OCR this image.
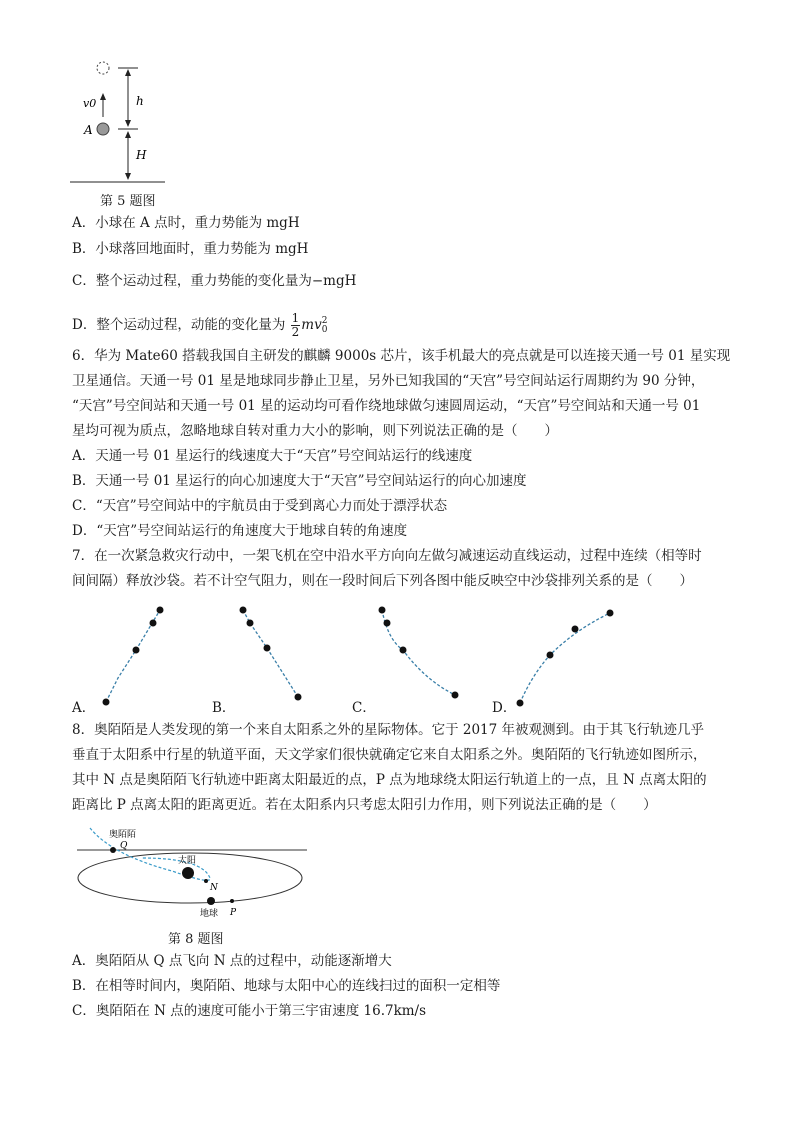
v0
A
h
H
第 5 题图
A．小球在 A 点时，重力势能为 mgH
B．小球落回地面时，重力势能为 mgH
C．整个运动过程，重力势能的变化量为−mgH
D．整个运动过程，动能的变化量为 $\frac{1}{2}$ mv 2
0
6．华为 Mate60 搭载我国自主研发的麒麟 9000s 芯片，该手机最大的亮点就是可以连接天通一号 01 星实现
卫星通信。天通一号 01 星是地球同步静止卫星，另外已知我国的“天宫”号空间站运行周期约为 90 分钟，
“天宫”号空间站和天通一号 01 星的运动均可看作绕地球做匀速圆周运动，“天宫”号空间站和天通一号 01
星均可视为质点，忽略地球自转对重力大小的影响，则下列说法正确的是（　　）
A．天通一号 01 星运行的线速度大于“天宫”号空间站运行的线速度
B．天通一号 01 星运行的向心加速度大于“天宫”号空间站运行的向心加速度
C．“天宫”号空间站中的宇航员由于受到离心力而处于漂浮状态
D．“天宫”号空间站运行的角速度大于地球自转的角速度
7．在一次紧急救灾行动中，一架飞机在空中沿水平方向向左做匀减速运动直线运动，过程中连续（相等时
间间隔）释放沙袋。若不计空气阻力，则在一段时间后下列各图中能反映空中沙袋排列关系的是（　　）
A．	B．	C．	D．
8．奥陌陌是人类发现的第一个来自太阳系之外的星际物体。它于 2017 年被观测到。由于其飞行轨迹几乎
垂直于太阳系中行星的轨道平面，天文学家们很快就确定它来自太阳系之外。奥陌陌的飞行轨迹如图所示，
其中 N 点是奥陌陌飞行轨迹中距离太阳最近的点，P 点为地球绕太阳运行轨道上的一点，且 N 点离太阳的
距离比 P 点离太阳的距离更近。若在太阳系内只考虑太阳引力作用，则下列说法正确的是（　　）
奥陌陌
Q
太阳
N
地球 P
第 8 题图
A．奥陌陌从 Q 点飞向 N 点的过程中，动能逐渐增大
B．在相等时间内，奥陌陌、地球与太阳中心的连线扫过的面积一定相等
C．奥陌陌在 N 点的速度可能小于第三宇宙速度 16.7km/s
